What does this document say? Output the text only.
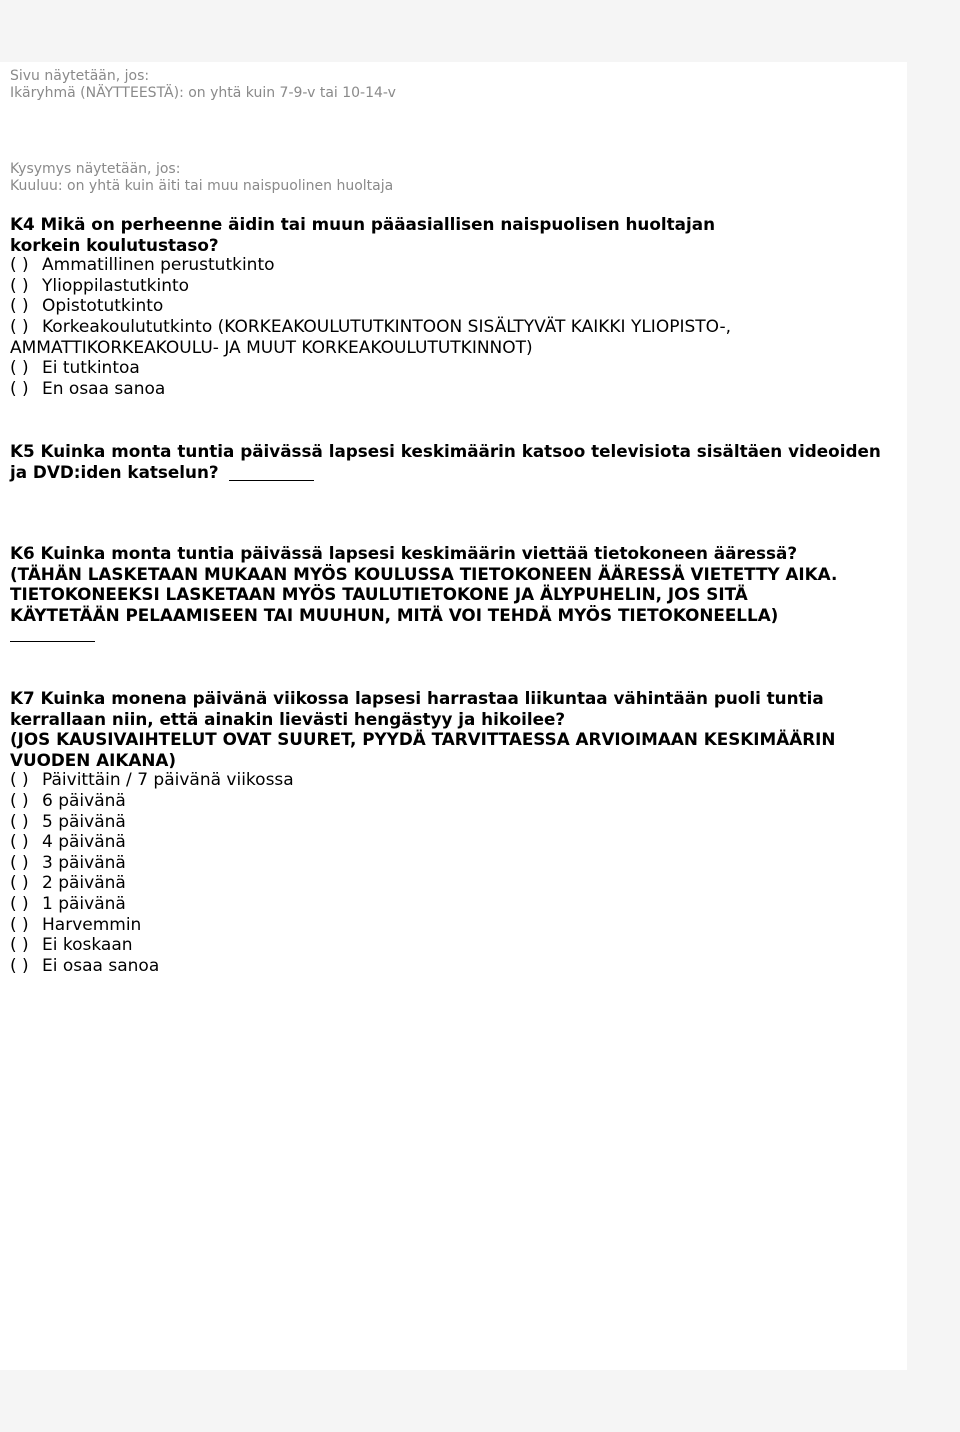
Sivu näytetään, jos:
Ikäryhmä (NÄYTTEESTÄ): on yhtä kuin 7-9-v tai 10-14-v
Kysymys näytetään, jos:
Kuuluu: on yhtä kuin äiti tai muu naispuolinen huoltaja
K4 Mikä on perheenne äidin tai muun pääasiallisen naispuolisen huoltajan
korkein koulutustaso?
( ) Ammatillinen perustutkinto
( ) Ylioppilastutkinto
( ) Opistotutkinto
( ) Korkeakoulututkinto (KORKEAKOULUTUTKINTOON SISÄLTYVÄT KAIKKI YLIOPISTO-,
AMMATTIKORKEAKOULU- JA MUUT KORKEAKOULUTUTKINNOT)
( ) Ei tutkintoa
( ) En osaa sanoa
K5 Kuinka monta tuntia päivässä lapsesi keskimäärin katsoo televisiota sisältäen videoiden
ja DVD:iden katselun?
K6 Kuinka monta tuntia päivässä lapsesi keskimäärin viettää tietokoneen ääressä?
(TÄHÄN LASKETAAN MUKAAN MYÖS KOULUSSA TIETOKONEEN ÄÄRESSÄ VIETETTY AIKA.
TIETOKONEEKSI LASKETAAN MYÖS TAULUTIETOKONE JA ÄLYPUHELIN, JOS SITÄ
KÄYTETÄÄN PELAAMISEEN TAI MUUHUN, MITÄ VOI TEHDÄ MYÖS TIETOKONEELLA)
K7 Kuinka monena päivänä viikossa lapsesi harrastaa liikuntaa vähintään puoli tuntia
kerrallaan niin, että ainakin lievästi hengästyy ja hikoilee?
(JOS KAUSIVAIHTELUT OVAT SUURET, PYYDÄ TARVITTAESSA ARVIOIMAAN KESKIMÄÄRIN
VUODEN AIKANA)
( ) Päivittäin / 7 päivänä viikossa
( ) 6 päivänä
( ) 5 päivänä
( ) 4 päivänä
( ) 3 päivänä
( ) 2 päivänä
( ) 1 päivänä
( ) Harvemmin
( ) Ei koskaan
( ) Ei osaa sanoa
